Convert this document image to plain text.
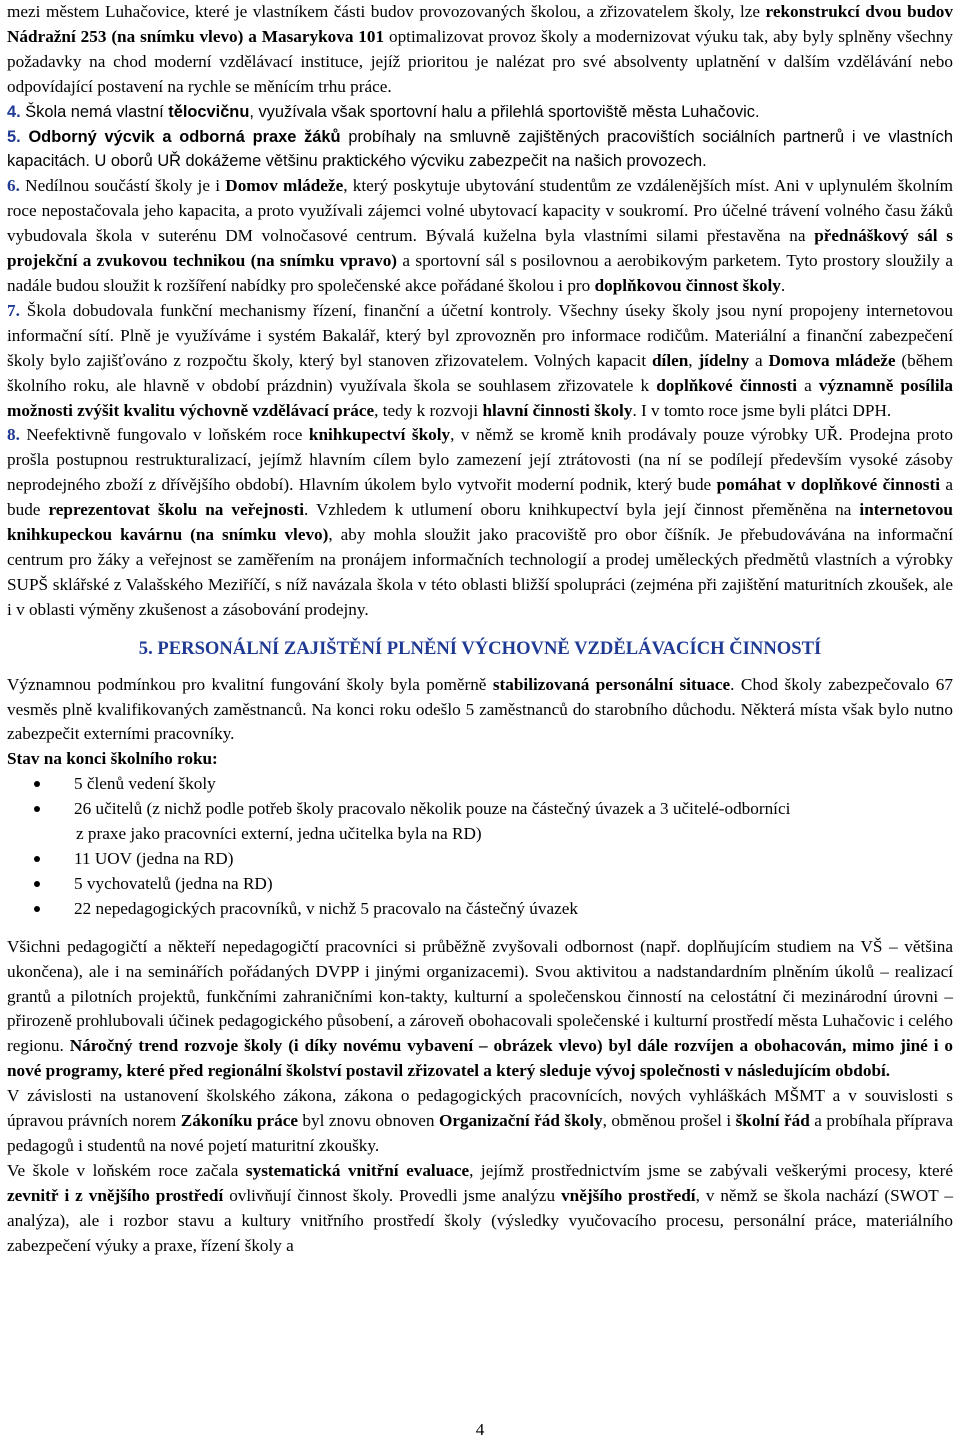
mezi městem Luhačovice, které je vlastníkem části budov provozovaných školou, a zřizovatelem školy, lze rekonstrukcí dvou budov Nádražní 253 (na snímku vlevo) a Masarykova 101 optimalizovat provoz školy a modernizovat výuku tak, aby byly splněny všechny požadavky na chod moderní vzdělávací instituce, jejíž prioritou je nalézat pro své absolventy uplatnění v dalším vzdělávání nebo odpovídající postavení na rychle se měnícím trhu práce.

4. Škola nemá vlastní tělocvičnu, využívala však sportovní halu a přilehlá sportoviště města Luhačovic.

5. Odborný výcvik a odborná praxe žáků probíhaly na smluvně zajištěných pracovištích sociálních partnerů i ve vlastních kapacitách. U oborů UŘ dokážeme většinu praktického výcviku zabezpečit na našich provozech.

6. Nedílnou součástí školy je i Domov mládeže, který poskytuje ubytování studentům ze vzdálenějších míst. Ani v uplynulém školním roce nepostačovala jeho kapacita, a proto využívali zájemci volné ubytovací kapacity v soukromí. Pro účelné trávení volného času žáků vybudovala škola v suterénu DM volnočasové centrum. Bývalá kuželna byla vlastními silami přestavěna na přednáškový sál s projekční a zvukovou technikou (na snímku vpravo) a sportovní sál s posilovnou a aerobikovým parketem. Tyto prostory sloužily a nadále budou sloužit k rozšíření nabídky pro společenské akce pořádané školou i pro doplňkovou činnost školy.

7. Škola dobudovala funkční mechanismy řízení, finanční a účetní kontroly. Všechny úseky školy jsou nyní propojeny internetovou informační sítí. Plně je využíváme i systém Bakalář, který byl zprovozněn pro informace rodičům. Materiální a finanční zabezpečení školy bylo zajišťováno z rozpočtu školy, který byl stanoven zřizovatelem. Volných kapacit dílen, jídelny a Domova mládeže (během školního roku, ale hlavně v období prázdnin) využívala škola se souhlasem zřizovatele k doplňkové činnosti a významně posílila možnosti zvýšit kvalitu výchovně vzdělávací práce, tedy k rozvoji hlavní činnosti školy. I v tomto roce jsme byli plátci DPH.

8. Neefektivně fungovalo v loňském roce knihkupectví školy, v němž se kromě knih prodávaly pouze výrobky UŘ. Prodejna proto prošla postupnou restrukturalizací, jejímž hlavním cílem bylo zamezení její ztrátovosti (na ní se podílejí především vysoké zásoby neprodejného zboží z dřívějšího období). Hlavním úkolem bylo vytvořit moderní podnik, který bude pomáhat v doplňkové činnosti a bude reprezentovat školu na veřejnosti. Vzhledem k utlumení oboru knihkupectví byla její činnost přeměněna na internetovou knihkupeckou kavárnu (na snímku vlevo), aby mohla sloužit jako pracoviště pro obor číšník. Je přebudovávána na informační centrum pro žáky a veřejnost se zaměřením na pronájem informačních technologií a prodej uměleckých předmětů vlastních a výrobky SUPŠ sklářské z Valašského Meziříčí, s níž navázala škola v této oblasti bližší spolupráci (zejména při zajištění maturitních zkoušek, ale i v oblasti výměny zkušenost a zásobování prodejny.

5. PERSONÁLNÍ ZAJIŠTĚNÍ PLNĚNÍ VÝCHOVNĚ VZDĚLÁVACÍCH ČINNOSTÍ

Významnou podmínkou pro kvalitní fungování školy byla poměrně stabilizovaná personální situace. Chod školy zabezpečovalo 67 vesměs plně kvalifikovaných zaměstnanců. Na konci roku odešlo 5 zaměstnanců do starobního důchodu. Některá místa však bylo nutno zabezpečit externími pracovníky.

Stav na konci školního roku:

5 členů vedení školy
26 učitelů (z nichž podle potřeb školy pracovalo několik pouze na částečný úvazek a 3 učitelé-odborníci
z praxe jako pracovníci externí, jedna učitelka byla na RD)
11 UOV (jedna na RD)
5 vychovatelů (jedna na RD)
22 nepedagogických pracovníků, v nichž 5 pracovalo na částečný úvazek

Všichni pedagogičtí a někteří nepedagogičtí pracovníci si průběžně zvyšovali odbornost (např. doplňujícím studiem na VŠ – většina ukončena), ale i na seminářích pořádaných DVPP i jinými organizacemi). Svou aktivitou a nadstandardním plněním úkolů – realizací grantů a pilotních projektů, funkčními zahraničními kon-takty, kulturní a společenskou činností na celostátní či mezinárodní úrovni – přirozeně prohlubovali účinek pedagogického působení, a zároveň obohacovali společenské i kulturní prostředí města Luhačovic i celého regionu. Náročný trend rozvoje školy (i díky novému vybavení – obrázek vlevo) byl dále rozvíjen a obohacován, mimo jiné i o nové programy, které před regionální školství postavil zřizovatel a který sleduje vývoj společnosti v následujícím období.

V závislosti na ustanovení školského zákona, zákona o pedagogických pracovnících, nových vyhláškách MŠMT a v souvislosti s úpravou právních norem Zákoníku práce byl znovu obnoven Organizační řád školy, obměnou prošel i školní řád a probíhala příprava pedagogů i studentů na nové pojetí maturitní zkoušky.

Ve škole v loňském roce začala systematická vnitřní evaluace, jejímž prostřednictvím jsme se zabývali veškerými procesy, které zevnitř i z vnějšího prostředí ovlivňují činnost školy. Provedli jsme analýzu vnějšího prostředí, v němž se škola nachází (SWOT – analýza), ale i rozbor stavu a kultury vnitřního prostředí školy (výsledky vyučovacího procesu, personální práce, materiálního zabezpečení výuky a praxe, řízení školy a

4
